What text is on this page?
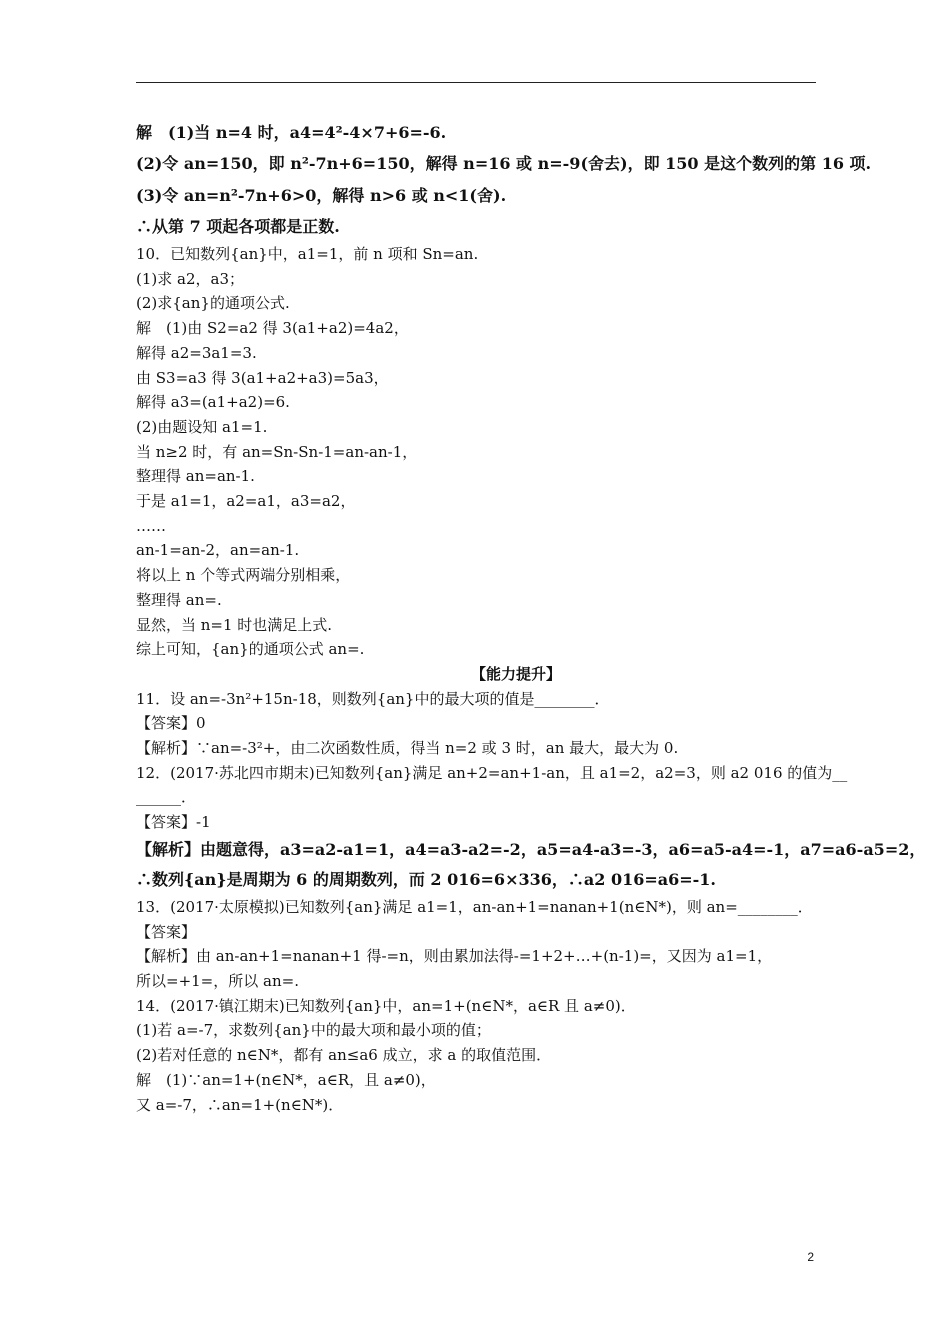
解　(1)当 n=4 时，a4=4²-4×7+6=-6.
(2)令 an=150，即 n²-7n+6=150，解得 n=16 或 n=-9(舍去)，即 150 是这个数列的第 16 项.
(3)令 an=n²-7n+6>0，解得 n>6 或 n<1(舍).
∴从第 7 项起各项都是正数.
10．已知数列{an}中，a1=1，前 n 项和 Sn=an.
(1)求 a2，a3；
(2)求{an}的通项公式.
解　(1)由 S2=a2 得 3(a1+a2)=4a2，
解得 a2=3a1=3.
由 S3=a3 得 3(a1+a2+a3)=5a3，
解得 a3=(a1+a2)=6.
(2)由题设知 a1=1.
当 n≥2 时，有 an=Sn-Sn-1=an-an-1，
整理得 an=an-1.
于是 a1=1，a2=a1，a3=a2，
……
an-1=an-2，an=an-1.
将以上 n 个等式两端分别相乘，
整理得 an=.
显然，当 n=1 时也满足上式.
综上可知，{an}的通项公式 an=.
【能力提升】
11．设 an=-3n²+15n-18，则数列{an}中的最大项的值是________．
【答案】0
【解析】∵an=-3²+，由二次函数性质，得当 n=2 或 3 时，an 最大，最大为 0.
12．(2017·苏北四市期末)已知数列{an}满足 an+2=an+1-an，且 a1=2，a2=3，则 a2 016 的值为__
______．
【答案】-1
【解析】由题意得，a3=a2-a1=1，a4=a3-a2=-2，a5=a4-a3=-3，a6=a5-a4=-1，a7=a6-a5=2，
∴数列{an}是周期为 6 的周期数列，而 2 016=6×336，∴a2 016=a6=-1.
13．(2017·太原模拟)已知数列{an}满足 a1=1，an-an+1=nanan+1(n∈N*)，则 an=________．
【答案】
【解析】由 an-an+1=nanan+1 得-=n，则由累加法得-=1+2+…+(n-1)=，又因为 a1=1，
所以=+1=，所以 an=.
14．(2017·镇江期末)已知数列{an}中，an=1+(n∈N*，a∈R 且 a≠0)．
(1)若 a=-7，求数列{an}中的最大项和最小项的值；
(2)若对任意的 n∈N*，都有 an≤a6 成立，求 a 的取值范围．
解　(1)∵an=1+(n∈N*，a∈R，且 a≠0)，
又 a=-7，∴an=1+(n∈N*)．
2
